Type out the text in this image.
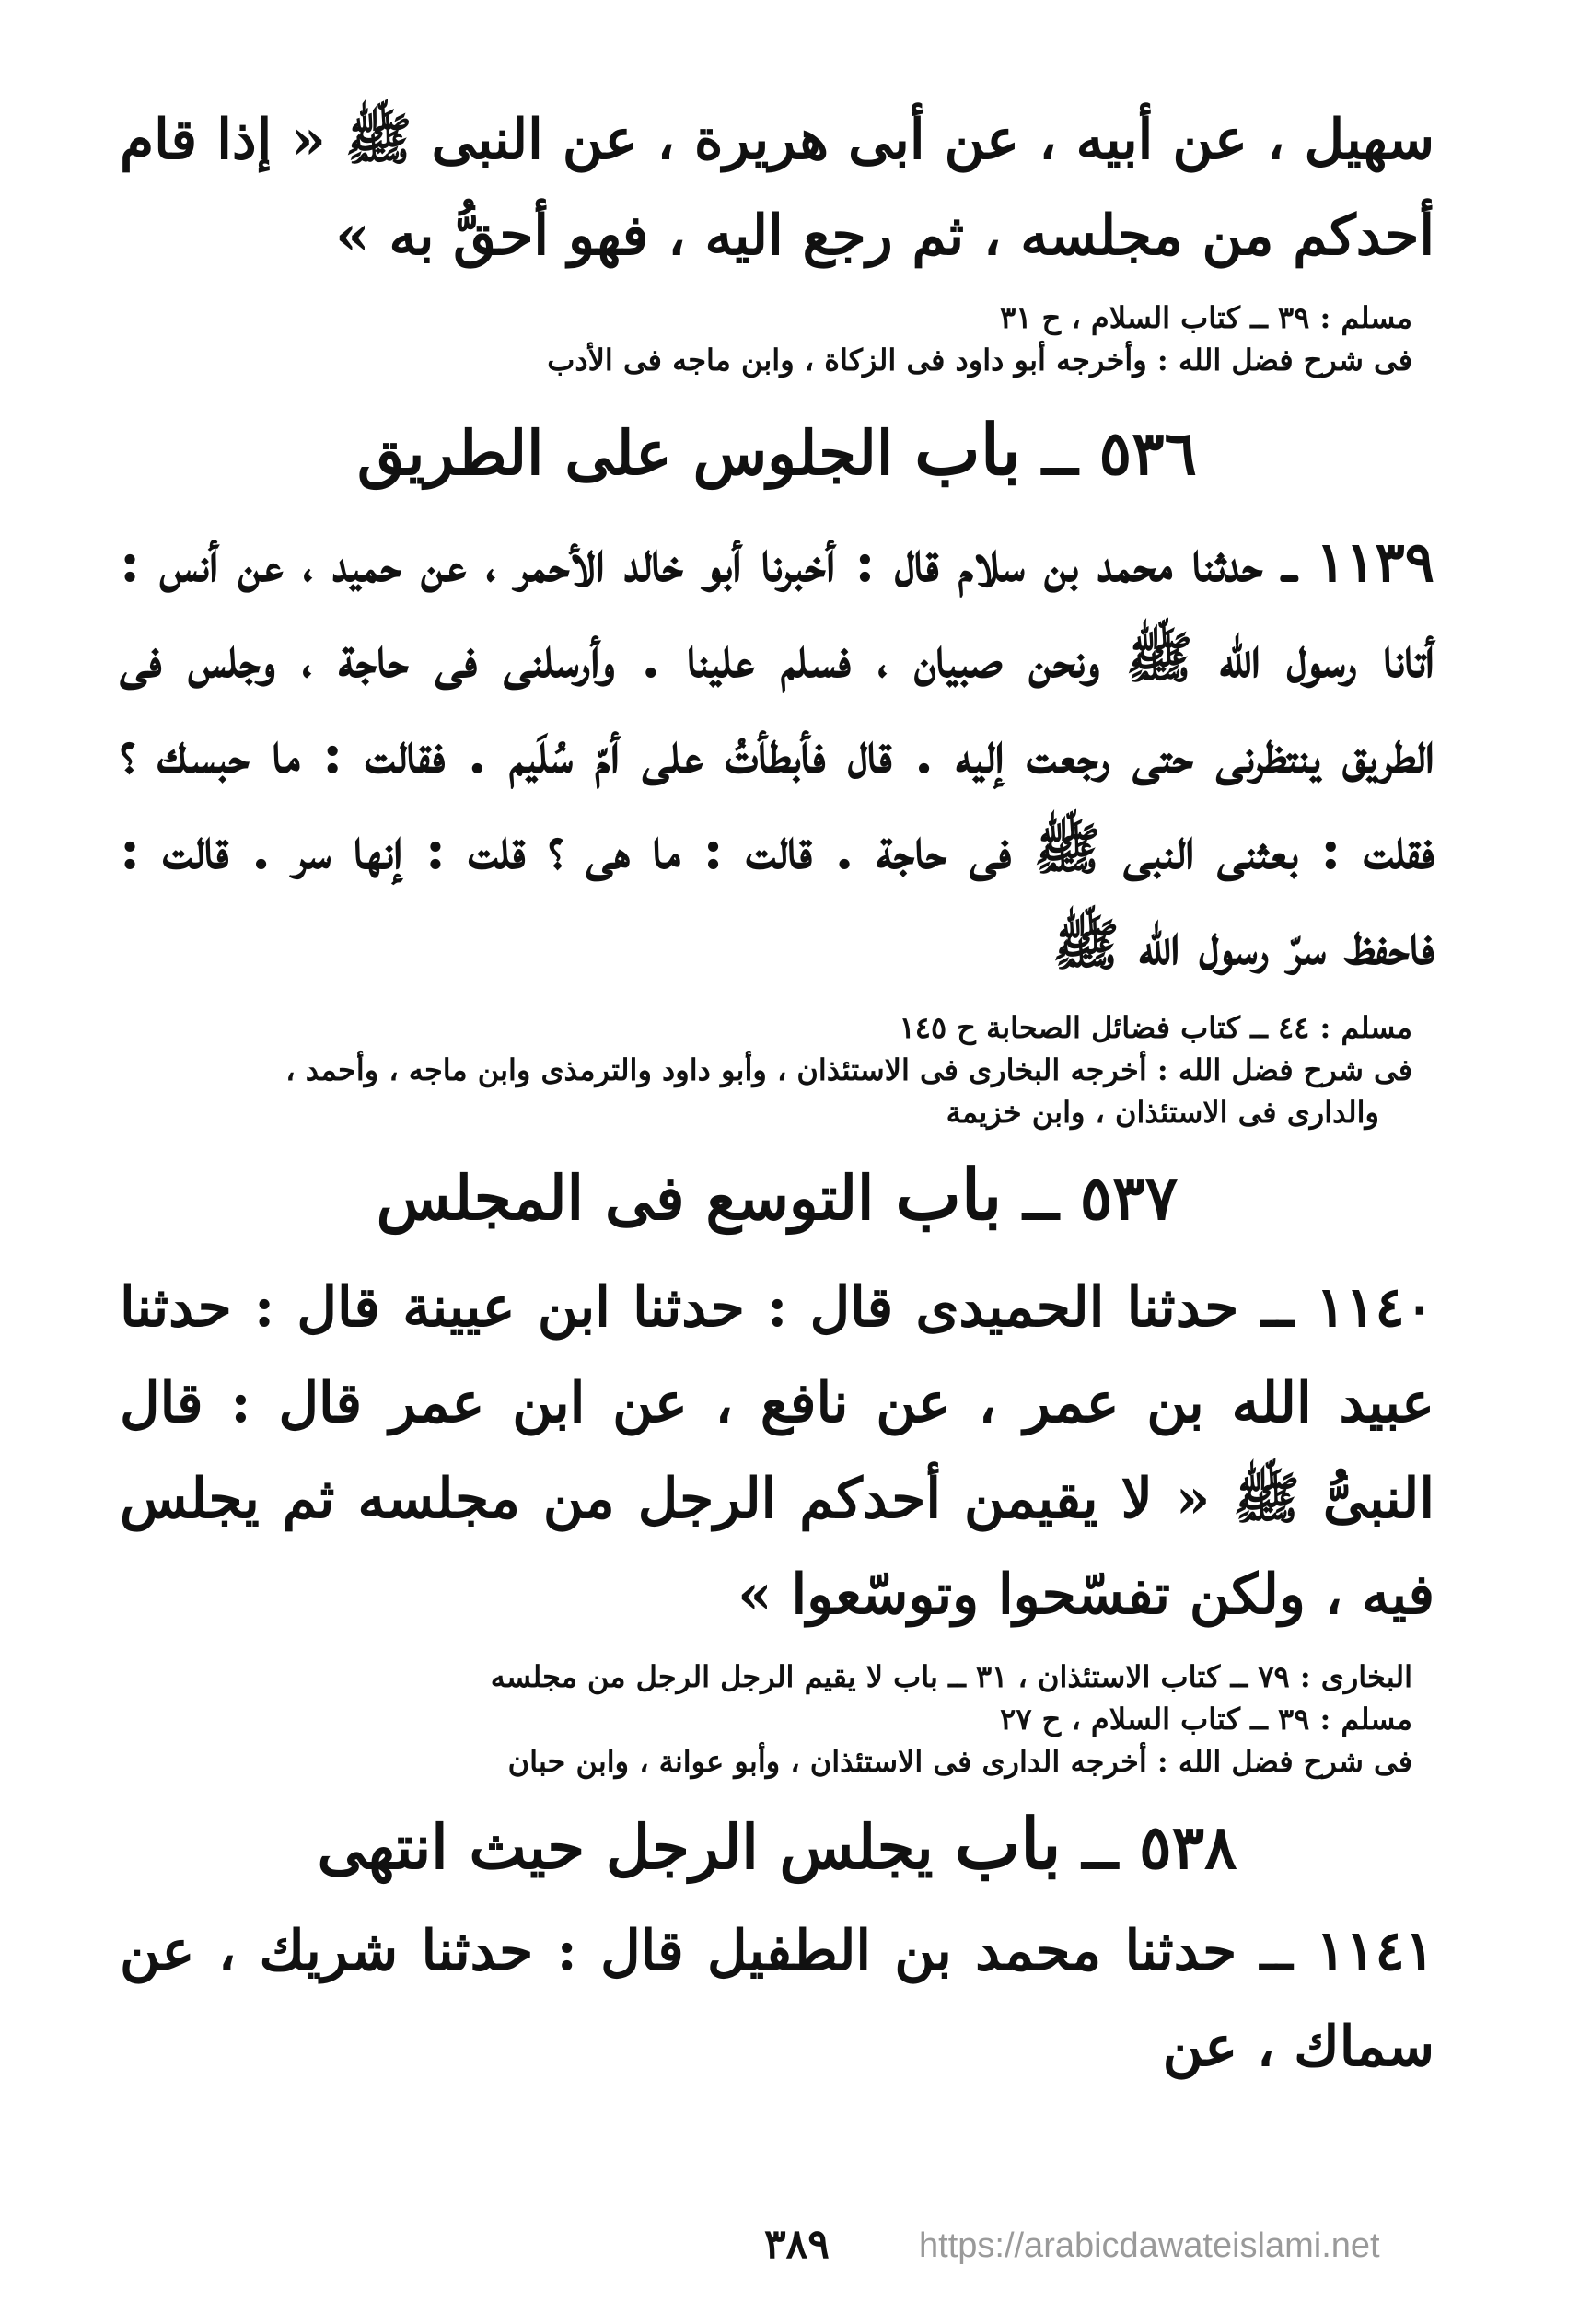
سهيل ، عن أبيه ، عن أبى هريرة ، عن النبى ﷺ « إذا قام أحدكم من مجلسه ، ثم رجع اليه ، فهو أحقُّ به »

مسلم : ٣٩ ــ كتاب السلام ، ح ٣١

فى شرح فضل الله : وأخرجه أبو داود فى الزكاة ، وابن ماجه فى الأدب

٥٣٦ ــ باب الجلوس على الطريق

١١٣٩ ــ حدثنا محمد بن سلام قال : أخبرنا أبو خالد الأحمر ، عن حميد ، عن أنس : أتانا رسول الله ﷺ ونحن صبيان ، فسلم علينا . وأرسلنى فى حاجة ، وجلس فى الطريق ينتظرنى حتى رجعت إليه . قال فأبطأتُ على أمّ سُلَيم . فقالت : ما حبسك ؟ فقلت : بعثنى النبى ﷺ فى حاجة . قالت : ما هى ؟ قلت : إنها سر . قالت : فاحفظ سرّ رسول الله ﷺ

مسلم : ٤٤ ــ كتاب فضائل الصحابة ح ١٤٥

فى شرح فضل الله : أخرجه البخارى فى الاستئذان ، وأبو داود والترمذى وابن ماجه ، وأحمد ،

والدارى فى الاستئذان ، وابن خزيمة

٥٣٧ ــ باب التوسع فى المجلس

١١٤٠ ــ حدثنا الحميدى قال : حدثنا ابن عيينة قال : حدثنا عبيد الله بن عمر ، عن نافع ، عن ابن عمر قال : قال النبىُّ ﷺ « لا يقيمن أحدكم الرجل من مجلسه ثم يجلس فيه ، ولكن تفسّحوا وتوسّعوا »

البخارى : ٧٩ ــ كتاب الاستئذان ، ٣١ ــ باب لا يقيم الرجل الرجل من مجلسه

مسلم : ٣٩ ــ كتاب السلام ، ح ٢٧

فى شرح فضل الله : أخرجه الدارى فى الاستئذان ، وأبو عوانة ، وابن حبان

٥٣٨ ــ باب يجلس الرجل حيث انتهى

١١٤١ ــ حدثنا محمد بن الطفيل قال : حدثنا شريك ، عن سماك ، عن

٣٨٩	https://arabicdawateislami.net
